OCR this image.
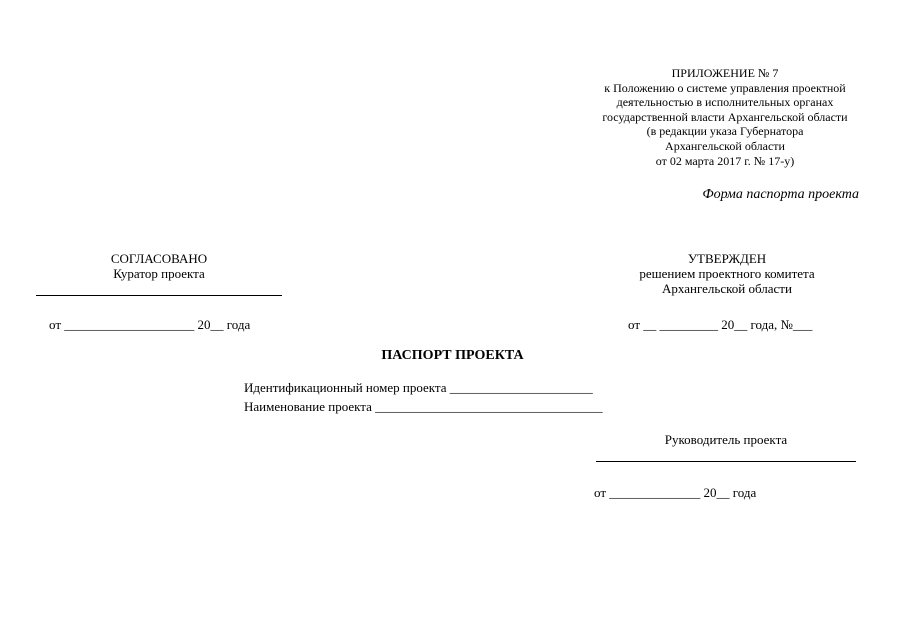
ПРИЛОЖЕНИЕ № 7
к Положению о системе управления проектной
деятельностью в исполнительных органах
государственной власти Архангельской области
(в редакции указа Губернатора
Архангельской области
от 02 марта 2017 г. № 17-у)
Форма паспорта проекта
СОГЛАСОВАНО
Куратор проекта
от ____________________ 20__ года
УТВЕРЖДЕН
решением проектного комитета
Архангельской области
от __ _________ 20__ года, №___
ПАСПОРТ ПРОЕКТА
Идентификационный номер проекта ______________________
Наименование проекта ___________________________________
Руководитель проекта
от ______________ 20__ года
